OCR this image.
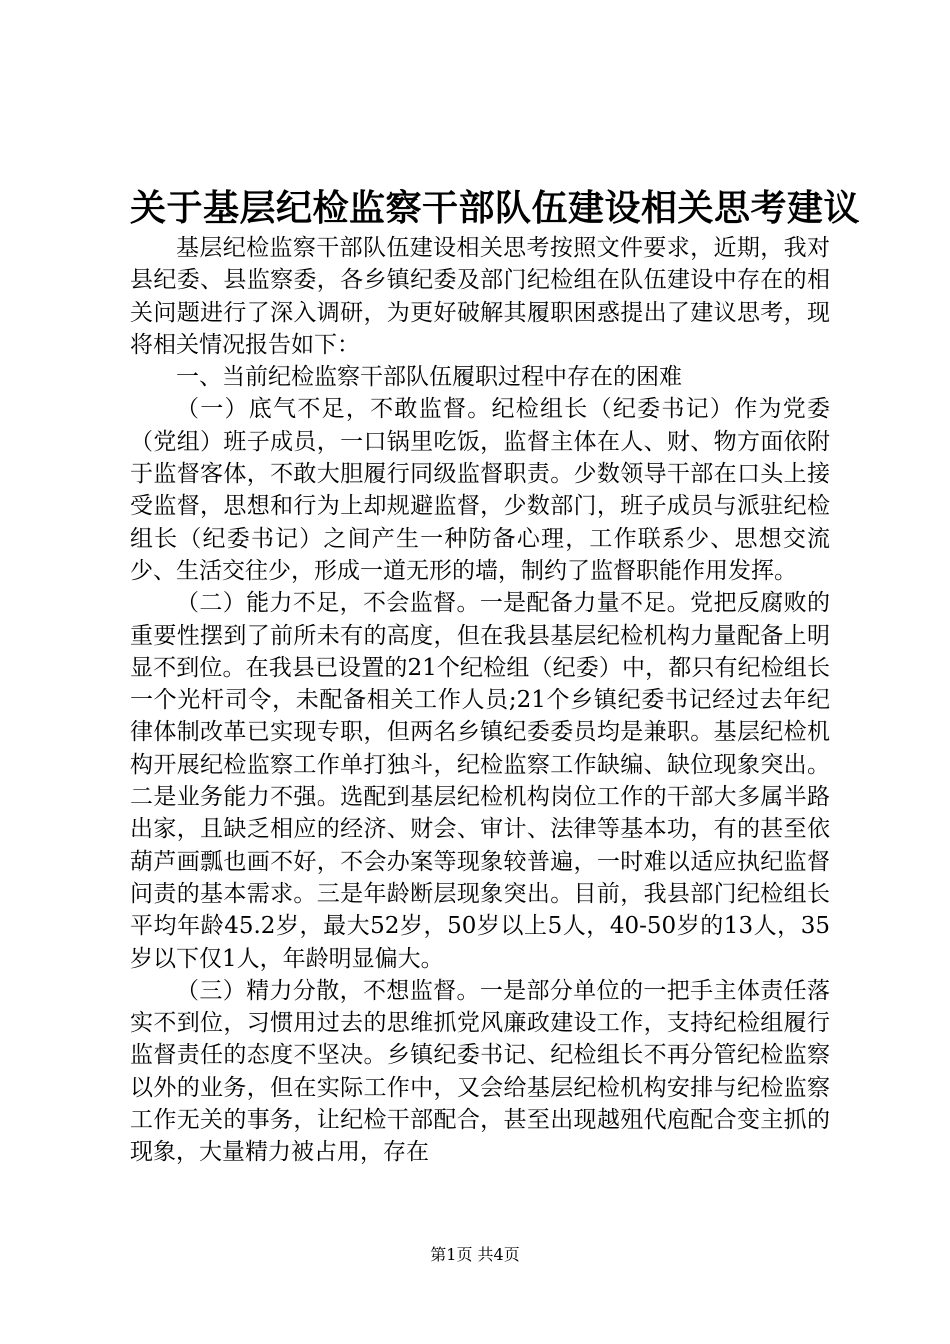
关于基层纪检监察干部队伍建设相关思考建议

基层纪检监察干部队伍建设相关思考按照文件要求，近期，我对县纪委、县监察委，各乡镇纪委及部门纪检组在队伍建设中存在的相关问题进行了深入调研，为更好破解其履职困惑提出了建议思考，现将相关情况报告如下：

一、当前纪检监察干部队伍履职过程中存在的困难

（一）底气不足，不敢监督。纪检组长（纪委书记）作为党委（党组）班子成员，一口锅里吃饭，监督主体在人、财、物方面依附于监督客体，不敢大胆履行同级监督职责。少数领导干部在口头上接受监督，思想和行为上却规避监督，少数部门，班子成员与派驻纪检组长（纪委书记）之间产生一种防备心理，工作联系少、思想交流少、生活交往少，形成一道无形的墙，制约了监督职能作用发挥。

（二）能力不足，不会监督。一是配备力量不足。党把反腐败的重要性摆到了前所未有的高度，但在我县基层纪检机构力量配备上明显不到位。在我县已设置的21个纪检组（纪委）中，都只有纪检组长一个光杆司令，未配备相关工作人员;21个乡镇纪委书记经过去年纪律体制改革已实现专职，但两名乡镇纪委委员均是兼职。基层纪检机构开展纪检监察工作单打独斗，纪检监察工作缺编、缺位现象突出。二是业务能力不强。选配到基层纪检机构岗位工作的干部大多属半路出家，且缺乏相应的经济、财会、审计、法律等基本功，有的甚至依葫芦画瓢也画不好，不会办案等现象较普遍，一时难以适应执纪监督问责的基本需求。三是年龄断层现象突出。目前，我县部门纪检组长平均年龄45.2岁，最大52岁，50岁以上5人，40-50岁的13人，35岁以下仅1人，年龄明显偏大。

（三）精力分散，不想监督。一是部分单位的一把手主体责任落实不到位，习惯用过去的思维抓党风廉政建设工作，支持纪检组履行监督责任的态度不坚决。乡镇纪委书记、纪检组长不再分管纪检监察以外的业务，但在实际工作中，又会给基层纪检机构安排与纪检监察工作无关的事务，让纪检干部配合，甚至出现越殂代庖配合变主抓的现象，大量精力被占用，存在

第1页 共4页
